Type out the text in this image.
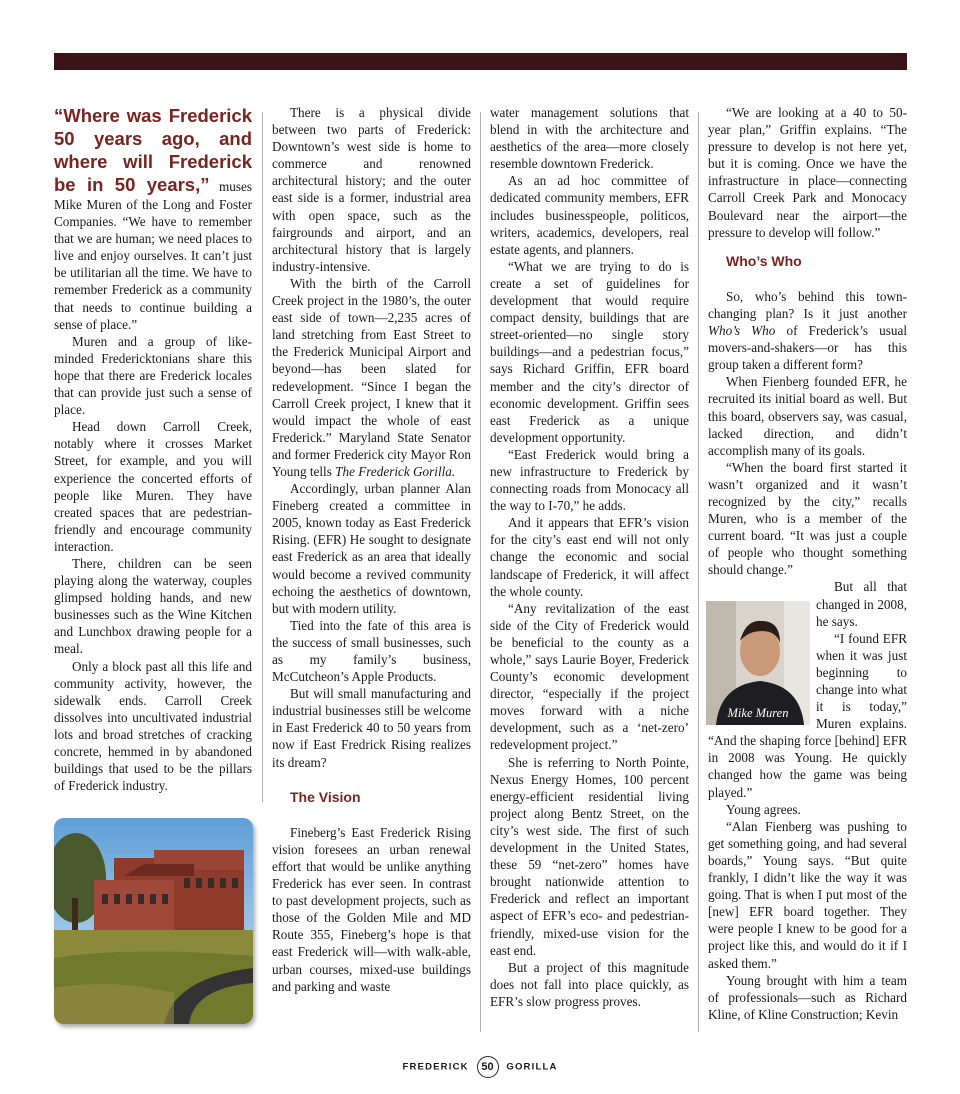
“Where was Frederick 50 years ago, and where will Frederick be in 50 years,” muses Mike Muren of the Long and Foster Companies. “We have to remember that we are human; we need places to live and enjoy ourselves. It can’t just be utilitarian all the time. We have to remember Frederick as a community that needs to continue building a sense of place.”

Muren and a group of like-minded Fredericktonians share this hope that there are Frederick locales that can provide just such a sense of place.

Head down Carroll Creek, notably where it crosses Market Street, for example, and you will experience the concerted efforts of people like Muren. They have created spaces that are pedestrian-friendly and encourage community interaction.

There, children can be seen playing along the waterway, couples glimpsed holding hands, and new businesses such as the Wine Kitchen and Lunchbox drawing people for a meal.

Only a block past all this life and community activity, however, the sidewalk ends. Carroll Creek dissolves into uncultivated industrial lots and broad stretches of cracking concrete, hemmed in by abandoned buildings that used to be the pillars of Frederick industry.

There is a physical divide between two parts of Frederick: Downtown’s west side is home to commerce and renowned architectural history; and the outer east side is a former, industrial area with open space, such as the fairgrounds and airport, and an architectural history that is largely industry-intensive.

With the birth of the Carroll Creek project in the 1980’s, the outer east side of town—2,235 acres of land stretching from East Street to the Frederick Municipal Airport and beyond—has been slated for redevelopment. “Since I began the Carroll Creek project, I knew that it would impact the whole of east Frederick.” Maryland State Senator and former Frederick city Mayor Ron Young tells The Frederick Gorilla.

Accordingly, urban planner Alan Fineberg created a committee in 2005, known today as East Frederick Rising. (EFR) He sought to designate east Frederick as an area that ideally would become a revived community echoing the aesthetics of downtown, but with modern utility.

Tied into the fate of this area is the success of small businesses, such as my family’s business, McCutcheon’s Apple Products.

But will small manufacturing and industrial businesses still be welcome in East Frederick 40 to 50 years from now if East Fredrick Rising realizes its dream?

The Vision

Fineberg’s East Frederick Rising vision foresees an urban renewal effort that would be unlike anything Frederick has ever seen. In contrast to past development projects, such as those of the Golden Mile and MD Route 355, Fineberg’s hope is that east Frederick will—with walk-able, urban courses, mixed-use buildings and parking and waste

water management solutions that blend in with the architecture and aesthetics of the area—more closely resemble downtown Frederick.

As an ad hoc committee of dedicated community members, EFR includes businesspeople, politicos, writers, academics, developers, real estate agents, and planners.

“What we are trying to do is create a set of guidelines for development that would require compact density, buildings that are street-oriented—no single story buildings—and a pedestrian focus,” says Richard Griffin, EFR board member and the city’s director of economic development. Griffin sees east Frederick as a unique development opportunity.

“East Frederick would bring a new infrastructure to Frederick by connecting roads from Monocacy all the way to I-70,” he adds.

And it appears that EFR’s vision for the city’s east end will not only change the economic and social landscape of Frederick, it will affect the whole county.

“Any revitalization of the east side of the City of Frederick would be beneficial to the county as a whole,” says Laurie Boyer, Frederick County’s economic development director, “especially if the project moves forward with a niche development, such as a ‘net-zero’ redevelopment project.”

She is referring to North Pointe, Nexus Energy Homes, 100 percent energy-efficient residential living project along Bentz Street, on the city’s west side. The first of such development in the United States, these 59 “net-zero” homes have brought nationwide attention to Frederick and reflect an important aspect of EFR’s eco- and pedestrian-friendly, mixed-use vision for the east end.

But a project of this magnitude does not fall into place quickly, as EFR’s slow progress proves.

“We are looking at a 40 to 50-year plan,” Griffin explains. “The pressure to develop is not here yet, but it is coming. Once we have the infrastructure in place—connecting Carroll Creek Park and Monocacy Boulevard near the airport—the pressure to develop will follow.”

Who’s Who

So, who’s behind this town-changing plan? Is it just another Who’s Who of Frederick’s usual movers-and-shakers—or has this group taken a different form?

When Fienberg founded EFR, he recruited its initial board as well. But this board, observers say, was casual, lacked direction, and didn’t accomplish many of its goals.

“When the board first started it wasn’t organized and it wasn’t recognized by the city,” recalls Muren, who is a member of the current board. “It was just a couple of people who thought something should change.”

But all that changed in 2008, he says.

“I found EFR when it was just beginning to change into what it is today,” Muren explains. “And the shaping force [behind] EFR in 2008 was Young. He quickly changed how the game was being played.”

Young agrees.

“Alan Fienberg was pushing to get something going, and had several boards,” Young says. “But quite frankly, I didn’t like the way it was going. That is when I put most of the [new] EFR board together. They were people I knew to be good for a project like this, and would do it if I asked them.”

Young brought with him a team of professionals—such as Richard Kline, of Kline Construction; Kevin

Mike Muren
FREDERICK 50 GORILLA
